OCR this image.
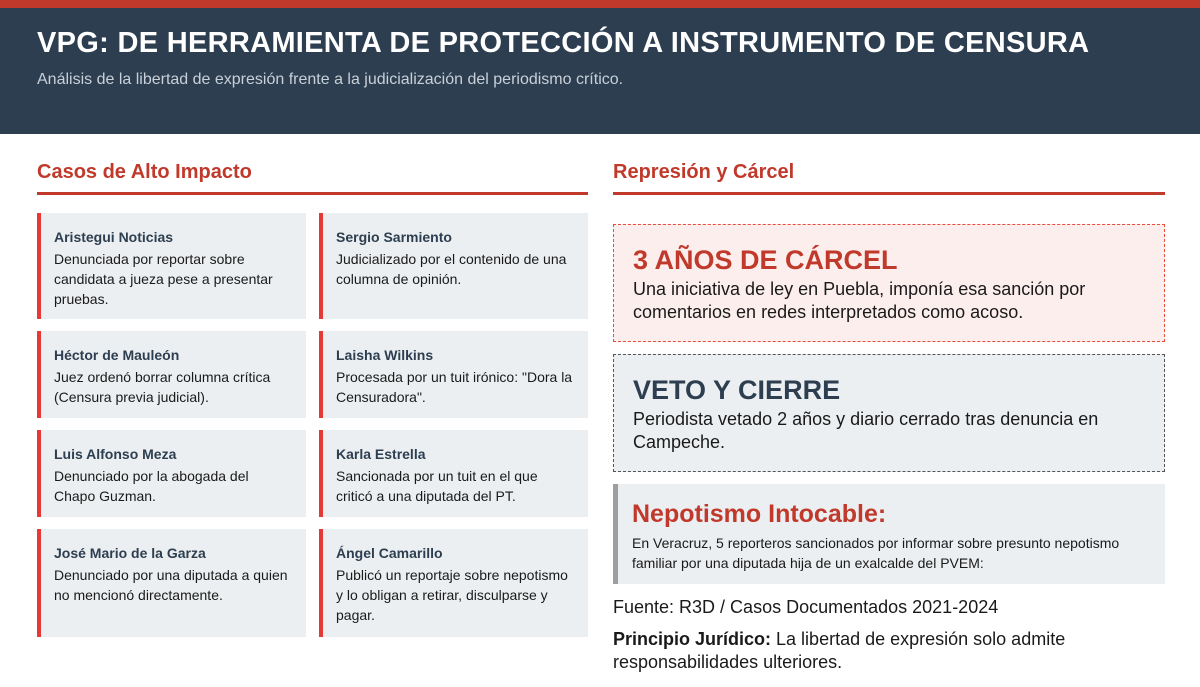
VPG: DE HERRAMIENTA DE PROTECCIÓN A INSTRUMENTO DE CENSURA
Análisis de la libertad de expresión frente a la judicialización del periodismo crítico.
Casos de Alto Impacto
Aristegui Noticias
Denunciada por reportar sobre candidata a jueza pese a presentar pruebas.
Sergio Sarmiento
Judicializado por el contenido de una columna de opinión.
Héctor de Mauleón
Juez ordenó borrar columna crítica (Censura previa judicial).
Laisha Wilkins
Procesada por un tuit irónico: "Dora la Censuradora".
Luis Alfonso Meza
Denunciado por la abogada del Chapo Guzman.
Karla Estrella
Sancionada por un tuit en el que criticó a una diputada del PT.
José Mario de la Garza
Denunciado por una diputada a quien no mencionó directamente.
Ángel Camarillo
Publicó un reportaje sobre nepotismo y lo obligan a retirar, disculparse y pagar.
Represión y Cárcel
3 AÑOS DE CÁRCEL
Una iniciativa de ley en Puebla, imponía esa sanción por comentarios en redes interpretados como acoso.
VETO Y CIERRE
Periodista vetado 2 años y diario cerrado tras denuncia en Campeche.
Nepotismo Intocable:
En Veracruz, 5 reporteros sancionados por informar sobre presunto nepotismo familiar por una diputada hija de un exalcalde del PVEM:
Fuente: R3D / Casos Documentados 2021-2024
Principio Jurídico: La libertad de expresión solo admite responsabilidades ulteriores.
